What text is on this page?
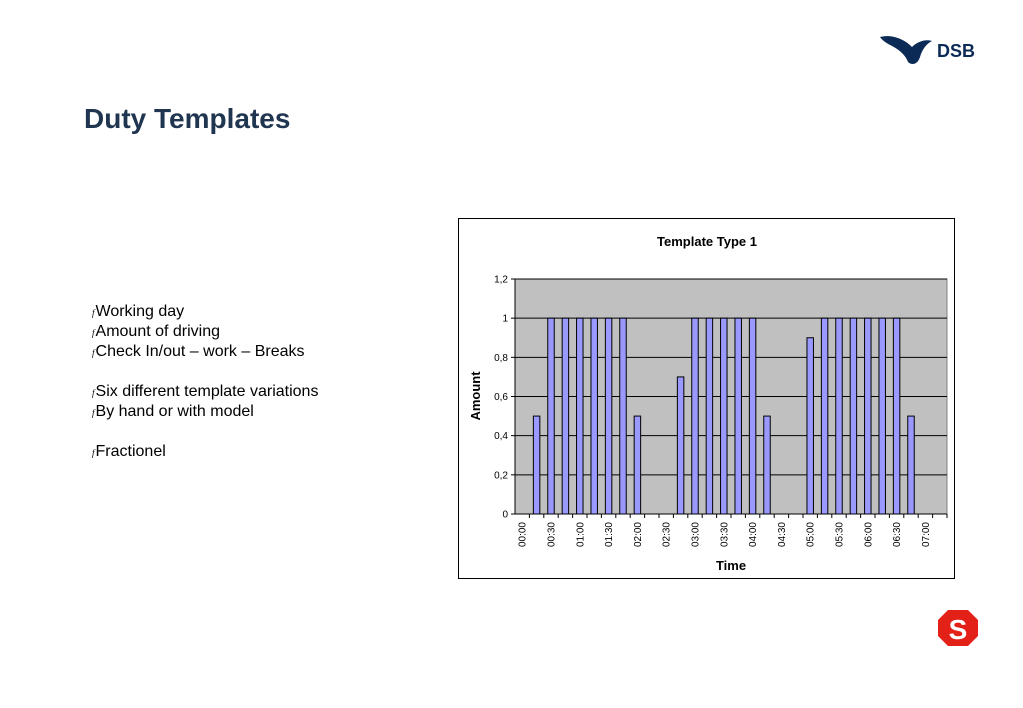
DSB
Duty Templates
fWorking day
fAmount of driving
fCheck In/out – work – Breaks
fSix different template variations
fBy hand or with model
fFractionel
Template Type 1
Amount
Time
0
0,2
0,4
0,6
0,8
1
1,2
00:00 00:30 01:00 01:30 02:00 02:30 03:00 03:30 04:00 04:30 05:00 05:30 06:00 06:30 07:00
S
